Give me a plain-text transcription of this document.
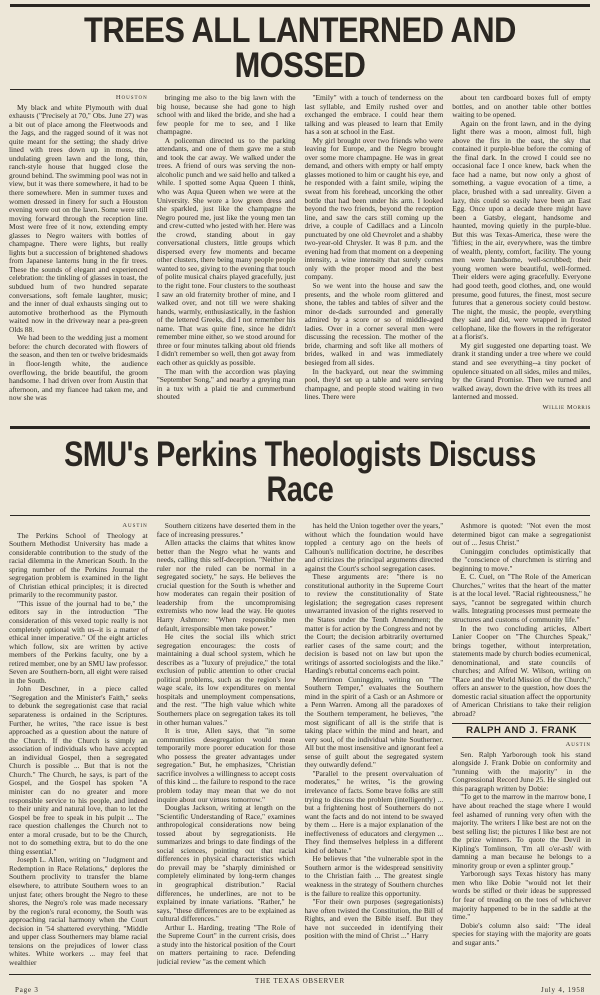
TREES ALL LANTERNED AND MOSSED
Houston

My black and white Plymouth with dual exhausts ("Precisely at 70," Obs. June 27) was a bit out of place among the Fleetwoods and the Jags, and the ragged sound of it was not quite meant for the setting; the shady drive lined with trees down up in moss, the undulating green lawn and the long, thin, ranch-style house that hugged close the ground behind. The swimming pool was not in view, but it was there somewhere, it had to be there somewhere. Men in summer tuxes and women dressed in finery for such a Houston evening were out on the lawn. Some were still moving forward through the reception line. Most were free of it now, extending empty glasses to Negro waiters with bottles of champagne. There were lights, but really lights but a succession of brightened shadows from Japanese lanterns hung in the fir trees. These the sounds of elegant and experienced celebration: the tinkling of glasses in toast, the subdued hum of two hundred separate conversations, soft female laughter, music; and the inner of dual exhausts singing out to automotive brotherhood as the Plymouth waited now in the driveway near a pea-green Olds 88.

We had been to the wedding just a moment before: the church decorated with flowers of the season, and then ten or twelve bridesmaids in floor-length white, the audience overflowing, the bride beautiful, the groom handsome. I had driven over from Austin that afternoon, and my fiancee had taken me, and now she was

bringing me also to the big lawn with the big house, because she had gone to high school with and liked the bride, and she had a few people for me to see, and I like champagne.

A policeman directed us to the parking attendants, and one of them gave me a stub and took the car away. We walked under the trees. A friend of ours was serving the non-alcoholic punch and we said hello and talked a while. I spotted some Aqua Queen I think, who was Aqua Queen when we were at the University. She wore a low green dress and she sparkled, just like the champagne the Negro poured me, just like the young men tan and crew-cutted who jested with her. Here was the crowd, standing about in gay conversational clusters, little groups which dispersed every few moments and became other clusters, there being many people people wanted to see, giving to the evening that touch of polite musical chairs played gracefully, just to the right tone. Four clusters to the southeast I saw an old fraternity brother of mine, and I walked over, and not till we were shaking hands, warmly, enthusiastically, in the fashion of the lettered Greeks, did I not remember his name. That was quite fine, since he didn't remember mine either, so we stood around for three or four minutes talking about old friends I didn't remember so well, then got away from each other as quickly as possible.

The man with the accordion was playing "September Song," and nearby a greying man in a tux with a plaid tie and cummerbund shouted

"Emily" with a touch of tenderness on the last syllable, and Emily rushed over and exchanged the embrace. I could hear them talking and was pleased to learn that Emily has a son at school in the East.

My girl brought over two friends who were leaving for Europe, and the Negro brought over some more champagne. He was in great demand, and others with empty or half empty glasses motioned to him or caught his eye, and he responded with a faint smile, wiping the sweat from his forehead, uncorking the other bottle that had been under his arm. I looked beyond the two friends, beyond the reception line, and saw the cars still coming up the drive, a couple of Cadillacs and a Lincoln punctuated by one old Chevrolet and a shabby two-year-old Chrysler. It was 8 p.m. and the evening had from that moment on a deepening intensity, a wine intensity that surely comes only with the proper mood and the best company.

So we went into the house and saw the presents, and the whole room glittered and shone, the tables and tables of silver and the minor de-dads surrounded and generally admired by a score or so of middle-aged ladies. Over in a corner several men were discussing the recession. The mother of the bride, charming and soft like all mothers of brides, walked in and was immediately besieged from all sides.

In the backyard, out near the swimming pool, they'd set up a table and were serving champagne, and people stood waiting in two lines. There were

about ten cardboard boxes full of empty bottles, and on another table other bottles waiting to be opened.

Again on the front lawn, and in the dying light there was a moon, almost full, high above the firs in the east, the sky that contained it purple-blue before the coming of the final dark. In the crowd I could see no occasional face I once knew, back when the face had a name, but now only a ghost of something, a vague evocation of a time, a place, brushed with a sad unreality. Given a lazy, this could so easily have been an East Egg. Once upon a decade there might have been a Gatsby, elegant, handsome and haunted, moving quietly in the purple-blue. But this was Texas-America, these were the 'fifties; in the air, everywhere, was the timbre of wealth, plenty, comfort, facility. The young men were handsome, well-scrubbed; their young women were beautiful, well-formed. Their elders were aging gracefully. Everyone had good teeth, good clothes, and, one would presume, good futures, the finest, most secure futures that a generous society could bestow. The night, the music, the people, everything they said and did, were wrapped in frosted cellophane, like the flowers in the refrigerator at a florist's.

My girl suggested one departing toast. We drank it standing under a tree where we could stand and see everything--a tiny pocket of opulence situated on all sides, miles and miles, by the Grand Promise. Then we turned and walked away, down the drive with its trees all lanterned and mossed.

Willie Morris
SMU's Perkins Theologists Discuss Race
Austin

The Perkins School of Theology at Southern Methodist University has made a considerable contribution to the study of the racial dilemma in the American South. In the spring number of the Perkins Journal the segregation problem is examined in the light of Christian ethical principles; it is directed primarily to the recommunity pastor.

"This issue of the journal had to be," the editors say in the introduction "The consideration of this vexed topic really is not completely optional with us--it is a matter of ethical inner imperative." Of the eight articles which follow, six are written by active members of the Perkins faculty, one by a retired member, one by an SMU law professor. Seven are Southern-born, all eight were raised in the South.

John Deschner, in a piece called "Segregation and the Minister's Faith," seeks to debunk the segregationist case that racial separateness is ordained in the Scriptures. Further, he writes, "the race issue is best approached as a question about the nature of the Church. If the Church is simply an association of individuals who have accepted an individual Gospel, then a segregated Church is possible ... But that is not the Church." The Church, he says, is part of the Gospel, and the Gospel has spoken "A minister can do no greater and more responsible service to his people, and indeed to their unity and natural love, than to let the Gospel be free to speak in his pulpit ... The race question challenges the Church not to enter a moral crusade, but to be the Church, not to do something extra, but to do the one thing essential."

Joseph L. Allen, writing on "Judgment and Redemption in Race Relations," deplores the Southern proclivity to transfer the blame elsewhere, to attribute Southern woes to an unjust fate; others brought the Negro to these shores, the Negro's role was made necessary by the region's rural economy, the South was approaching racial harmony when the Court decision in '54 shattered everything. "Middle and upper class Southerners may blame racial tensions on the prejudices of lower class whites. White workers ... may feel that wealthier

Southern citizens have deserted them in the face of increasing pressures."

Allen attacks the claims that whites know better than the Negro what he wants and needs, calling this self-deception. "Neither the ruler nor the ruled can be normal in a segregated society," he says. He believes the crucial question for the South is whether and how moderates can regain their position of leadership from the uncompromising extremists who now lead the way. He quotes Harry Ashmore: "When responsible men default, irresponsible men take power."

He cites the social ills which strict segregation encourages: the costs of maintaining a dual school system, which he describes as a "luxury of prejudice," the total exclusion of public attention to other crucial political problems, such as the region's low wage scale, its low expenditures on mental hospitals and unemployment compensations, and the rest. "The high value which white Southerners place on segregation takes its toll in other human values."

It is true, Allen says, that "in some communities desegregation would mean temporarily more poorer education for those who possess the greater advantages under segregation." But, he emphasizes, "Christian sacrifice involves a willingness to accept costs of this kind ... the failure to respond to the race problem today may mean that we do not inquire about our virtues tomorrow."

Douglas Jackson, writing at length on the "Scientific Understanding of Race," examines anthropological considerations now being tossed about by segregationists. He summarizes and brings to date findings of the social sciences, pointing out that racial differences in physical characteristics which do prevail may be "sharply diminished or completely eliminated by long-term changes in geographical distribution." Racial differences, he underlines, are not to be explained by innate variations. "Rather," he says, "these differences are to be explained as cultural differences."

Arthur L. Harding, treating "The Role of the Supreme Court" in the current crisis, does a study into the historical position of the Court on matters pertaining to race. Defending judicial review "as the cement which

has held the Union together over the years," without which the foundation would have toppled a century ago on the heels of Calhoun's nullification doctrine, he describes and criticizes the principal arguments directed against the Court's school segregation cases.

These arguments are: "there is no constitutional authority in the Supreme Court to review the constitutionality of State legislation; the segregation cases represent unwarranted invasion of the rights reserved to the States under the Tenth Amendment; the matter is for action by the Congress and not by the Court; the decision arbitrarily overturned earlier cases of the same court; and the decision is based not on law but upon the writings of assorted sociologists and the like." Harding's rebuttal concerns each point.

Merrimon Cuninggim, writing on "The Southern Temper," evaluates the Southern mind in the spirit of a Cash or an Ashmore or a Penn Warren. Among all the paradoxes of the Southern temperament, he believes, "the most significant of all is the strife that is taking place within the mind and heart, and very soul, of the individual white Southerner. All but the most insensitive and ignorant feel a sense of guilt about the segregated system they outwardly defend."

"Parallel to the present overvaluation of moderates," he writes, "is the growing irrelevance of facts. Some brave folks are still trying to discuss the problem (intelligently) ... but a frightening host of Southerners do not want the facts and do not intend to be swayed by them ... Here is a major explanation of the ineffectiveness of educators and clergymen ... They find themselves helpless in a different kind of debate."

He believes that "the vulnerable spot in the Southern armor is the widespread sensitivity to the Christian faith ... The greatest single weakness in the strategy of Southern churches is the failure to realize this opportunity.

"For their own purposes (segregationists) have often twisted the Constitution, the Bill of Rights, and even the Bible itself. But they have not succeeded in identifying their position with the mind of Christ ..." Harry

Ashmore is quoted: "Not even the most determined bigot can make a segregationist out of ... Jesus Christ."

Cuninggim concludes optimistically that the "conscience of churchmen is stirring and beginning to move."

E. C. Cuel, on "The Role of the American Churches," writes that the heart of the matter is at the local level. "Racial righteousness," he says, "cannot be segregated within church walls. Integrating processes must permeate the structures and customs of community life."

In the two concluding articles, Albert Lanier Cooper on "The Churches Speak," brings together, without interpretation, statements made by church bodies ecumenical, denominational, and state councils of churches; and Alfred W. Wilson, writing on "Race and the World Mission of the Church," offers an answer to the question, how does the domestic racial situation affect the opportunity of American Christians to take their religion abroad?

RALPH AND J. FRANK
Austin

Sen. Ralph Yarborough took his stand alongside J. Frank Dobie on conformity and "running with the majority" in the Congressional Record June 25. He singled out this paragraph written by Dobie:

"To get to the marrow in the marrow bone, I have about reached the stage where I would feel ashamed of running very often with the majority. The writers I like best are not on the best selling list; the pictures I like best are not the prize winners. To quote the Devil in Kipling's Tomlinson, 'I'm all o'er-ash' with damning a man because he belongs to a minority group or even a splinter group."

Yarborough says Texas history has many men who like Dobie "would not let their words be stifled or their ideas be suppressed for fear of treading on the toes of whichever majority happened to be in the saddle at the time."

Dobie's column also said: "The ideal species for staying with the majority are goats and sugar ants."

THE TEXAS OBSERVER
Page 3	July 4, 1958
